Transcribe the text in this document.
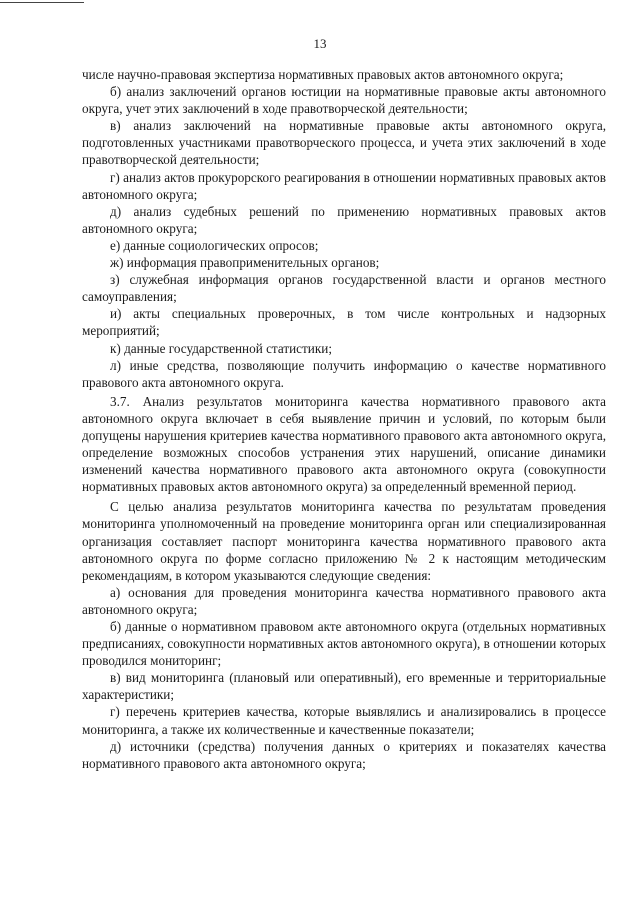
13

числе научно-правовая экспертиза нормативных правовых актов автономного округа;

б) анализ заключений органов юстиции на нормативные правовые акты автономного округа, учет этих заключений в ходе правотворческой деятельности;

в) анализ заключений на нормативные правовые акты автономного округа, подготовленных участниками правотворческого процесса, и учета этих заключений в ходе правотворческой деятельности;

г) анализ актов прокурорского реагирования в отношении нормативных правовых актов автономного округа;

д) анализ судебных решений по применению нормативных правовых актов автономного округа;

е) данные социологических опросов;

ж) информация правоприменительных органов;

з) служебная информация органов государственной власти и органов местного самоуправления;

и) акты специальных проверочных, в том числе контрольных и надзорных мероприятий;

к) данные государственной статистики;

л) иные средства, позволяющие получить информацию о качестве нормативного правового акта автономного округа.

3.7. Анализ результатов мониторинга качества нормативного правового акта автономного округа включает в себя выявление причин и условий, по которым были допущены нарушения критериев качества нормативного правового акта автономного округа, определение возможных способов устранения этих нарушений, описание динамики изменений качества нормативного правового акта автономного округа (совокупности нормативных правовых актов автономного округа) за определенный временной период.

С целью анализа результатов мониторинга качества по результатам проведения мониторинга уполномоченный на проведение мониторинга орган или специализированная организация составляет паспорт мониторинга качества нормативного правового акта автономного округа по форме согласно приложению № 2 к настоящим методическим рекомендациям, в котором указываются следующие сведения:

а) основания для проведения мониторинга качества нормативного правового акта автономного округа;

б) данные о нормативном правовом акте автономного округа (отдельных нормативных предписаниях, совокупности нормативных актов автономного округа), в отношении которых проводился мониторинг;

в) вид мониторинга (плановый или оперативный), его временные и территориальные характеристики;

г) перечень критериев качества, которые выявлялись и анализировались в процессе мониторинга, а также их количественные и качественные показатели;

д) источники (средства) получения данных о критериях и показателях качества нормативного правового акта автономного округа;
